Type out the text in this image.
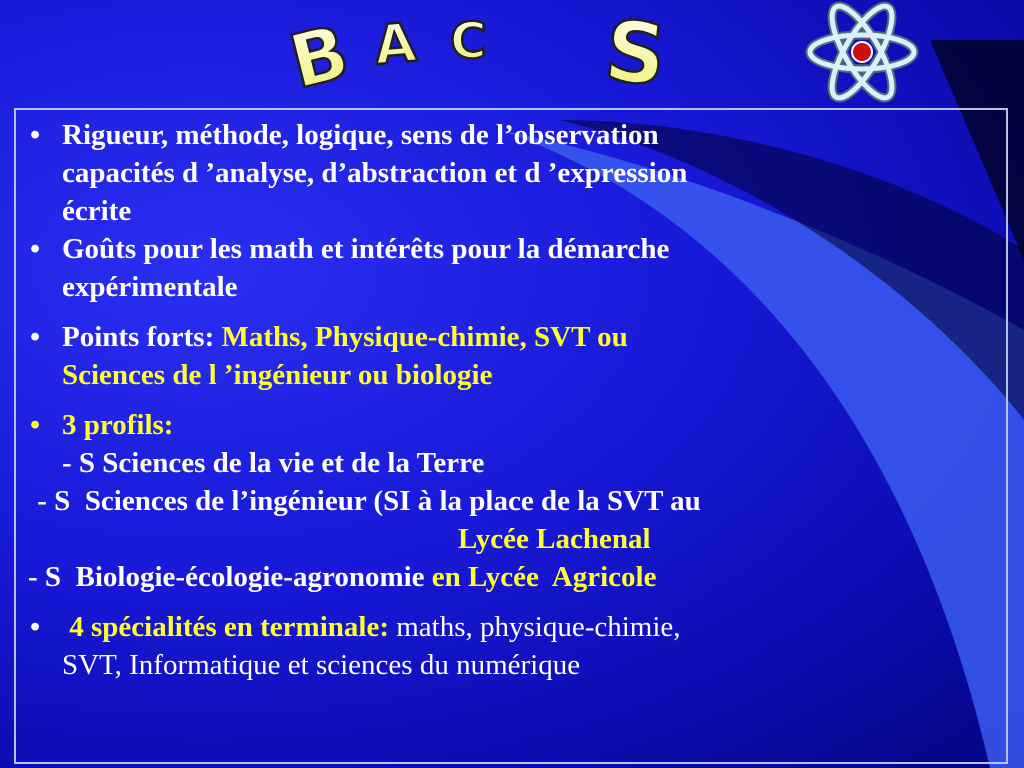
B A C S
• Rigueur, méthode, logique, sens de l’observation
capacités d ’analyse, d’abstraction et d ’expression
écrite
• Goûts pour les math et intérêts pour la démarche
expérimentale
• Points forts: Maths, Physique-chimie, SVT ou
Sciences de l ’ingénieur ou biologie
• 3 profils:
- S Sciences de la vie et de la Terre
- S  Sciences de l’ingénieur (SI à la place de la SVT au
Lycée Lachenal
- S  Biologie-écologie-agronomie en Lycée  Agricole
• 4 spécialités en terminale: maths, physique-chimie,
SVT, Informatique et sciences du numérique
